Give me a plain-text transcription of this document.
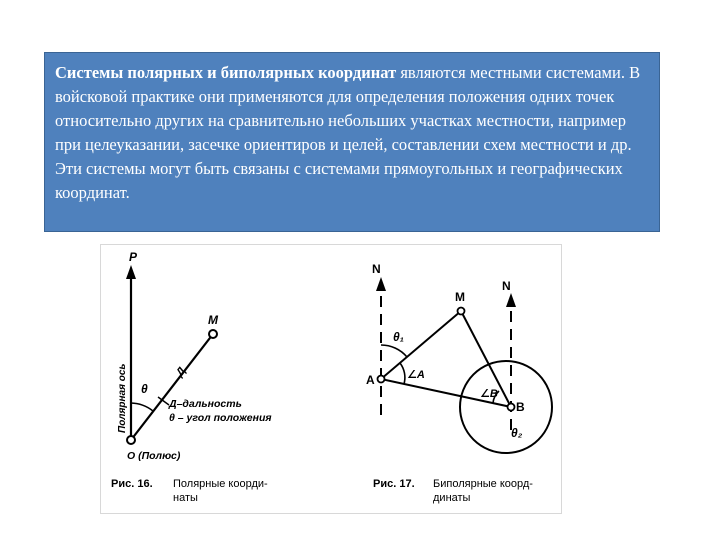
Системы полярных и биполярных координат являются местными системами. В войсковой практике они применяются для определения положения одних точек относительно других на сравнительно небольших участках местности, например при целеуказании, засечке ориентиров и целей, составлении схем местности и др. Эти системы могут быть связаны с системами прямоугольных и географических координат.
P
M
Полярная ось	Д
θ
Д–дальность
θ – угол положения
О (Полюс)
Рис. 16. Полярные коорди-
наты
N
N
M
A
B
θ₁
∠A
∠B
θ₂
Рис. 17. Биполярные коорд-
динаты
